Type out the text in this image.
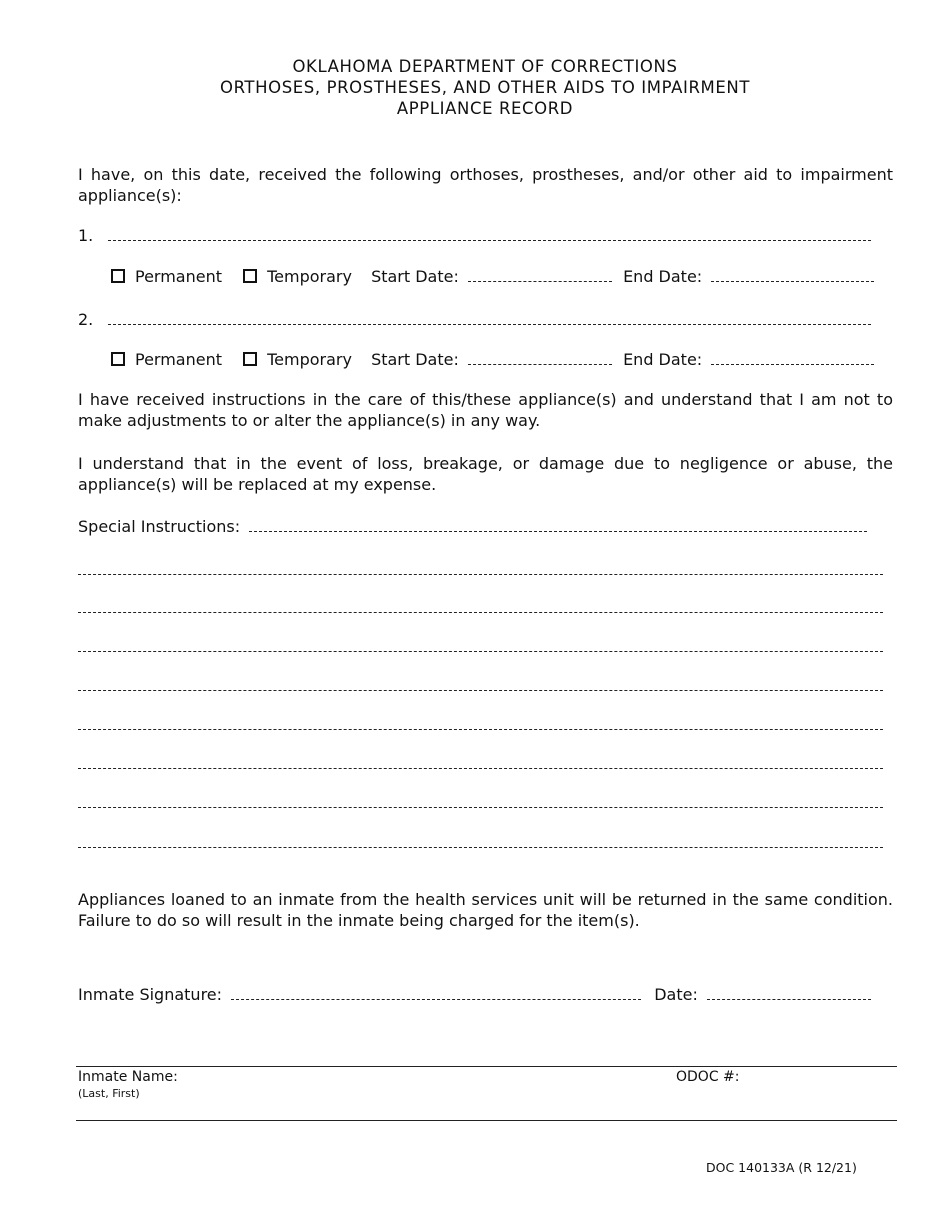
OKLAHOMA DEPARTMENT OF CORRECTIONS
ORTHOSES, PROSTHESES, AND OTHER AIDS TO IMPAIRMENT
APPLIANCE RECORD
I have, on this date, received the following orthoses, prostheses, and/or other aid to impairment appliance(s):
1.
Permanent	Temporary Start Date:	End Date:
2.
Permanent	Temporary Start Date:	End Date:
I have received instructions in the care of this/these appliance(s) and understand that I am not to make adjustments to or alter the appliance(s) in any way.
I understand that in the event of loss, breakage, or damage due to negligence or abuse, the appliance(s) will be replaced at my expense.
Special Instructions:
Appliances loaned to an inmate from the health services unit will be returned in the same condition. Failure to do so will result in the inmate being charged for the item(s).
Inmate Signature:	Date:
Inmate Name:
(Last, First)
ODOC #:
DOC 140133A (R 12/21)
